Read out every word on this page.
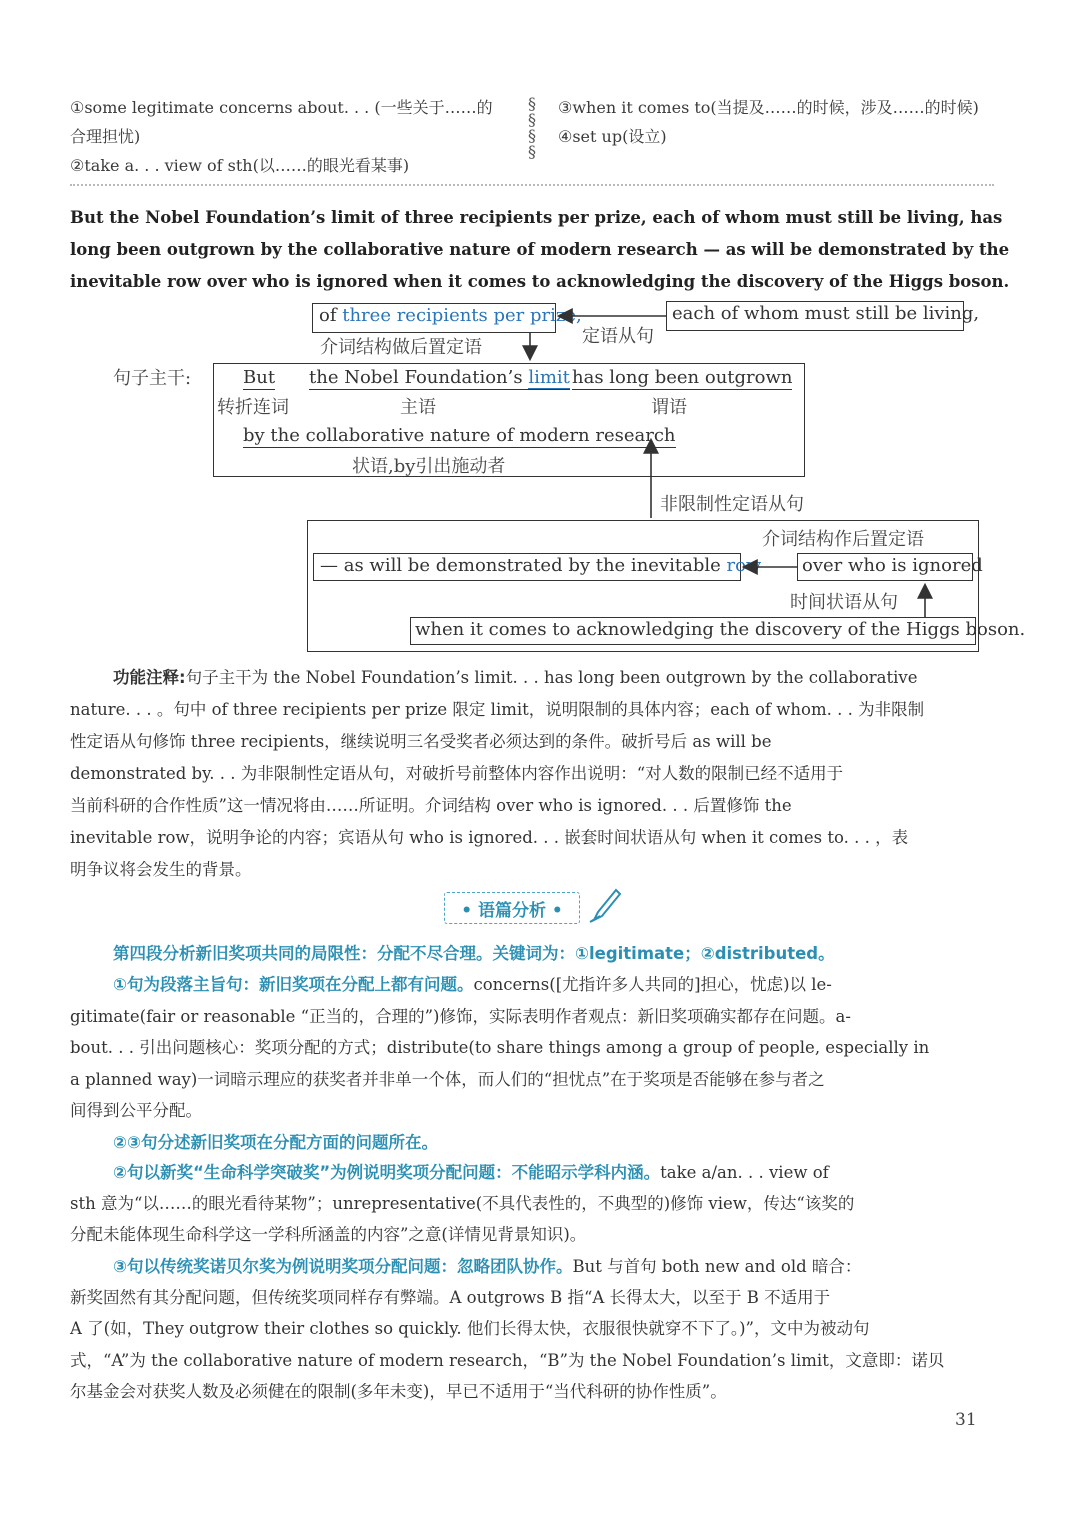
①some legitimate concerns about. . . (一些关于……的
合理担忧)
②take a. . . view of sth(以……的眼光看某事)
§
§
§
§
③when it comes to(当提及……的时候，涉及……的时候)
④set up(设立)
But the Nobel Foundation’s limit of three recipients per prize, each of whom must still be living, has
long been outgrown by the collaborative nature of modern research — as will be demonstrated by the
inevitable row over who is ignored when it comes to acknowledging the discovery of the Higgs boson.
of three recipients per prize,
介词结构做后置定语
each of whom must still be living,
定语从句
句子主干:	But
转折连词
the Nobel Foundation’s limit
主语
has long been outgrown
谓语
by the collaborative nature of modern research
状语,by引出施动者
非限制性定语从句
介词结构作后置定语
— as will be demonstrated by the inevitable row over who is ignored
时间状语从句
when it comes to acknowledging the discovery of the Higgs boson.
功能注释:句子主干为 the Nobel Foundation’s limit. . . has long been outgrown by the collaborative
nature. . . 。句中 of three recipients per prize 限定 limit，说明限制的具体内容；each of whom. . . 为非限制
性定语从句修饰 three recipients，继续说明三名受奖者必须达到的条件。破折号后 as will be
demonstrated by. . . 为非限制性定语从句，对破折号前整体内容作出说明：“对人数的限制已经不适用于
当前科研的合作性质”这一情况将由……所证明。介词结构 over who is ignored. . . 后置修饰 the
inevitable row，说明争论的内容；宾语从句 who is ignored. . . 嵌套时间状语从句 when it comes to. . . ，表
明争议将会发生的背景。
• 语篇分析 •
第四段分析新旧奖项共同的局限性：分配不尽合理。关键词为：①legitimate；②distributed。
①句为段落主旨句：新旧奖项在分配上都有问题。concerns([尤指许多人共同的]担心，忧虑)以 le-
gitimate(fair or reasonable “正当的，合理的”)修饰，实际表明作者观点：新旧奖项确实都存在问题。a-
bout. . . 引出问题核心：奖项分配的方式；distribute(to share things among a group of people, especially in
a planned way)一词暗示理应的获奖者并非单一个体，而人们的“担忧点”在于奖项是否能够在参与者之
间得到公平分配。
②③句分述新旧奖项在分配方面的问题所在。
②句以新奖“生命科学突破奖”为例说明奖项分配问题：不能昭示学科内涵。take a/an. . . view of
sth 意为“以……的眼光看待某物”；unrepresentative(不具代表性的，不典型的)修饰 view，传达“该奖的
分配未能体现生命科学这一学科所涵盖的内容”之意(详情见背景知识)。
③句以传统奖诺贝尔奖为例说明奖项分配问题：忽略团队协作。But 与首句 both new and old 暗合：
新奖固然有其分配问题，但传统奖项同样存有弊端。A outgrows B 指“A 长得太大，以至于 B 不适用于
A 了(如，They outgrow their clothes so quickly. 他们长得太快，衣服很快就穿不下了。)”，文中为被动句
式，“A”为 the collaborative nature of modern research，“B”为 the Nobel Foundation’s limit，文意即：诺贝
尔基金会对获奖人数及必须健在的限制(多年未变)，早已不适用于“当代科研的协作性质”。
31
